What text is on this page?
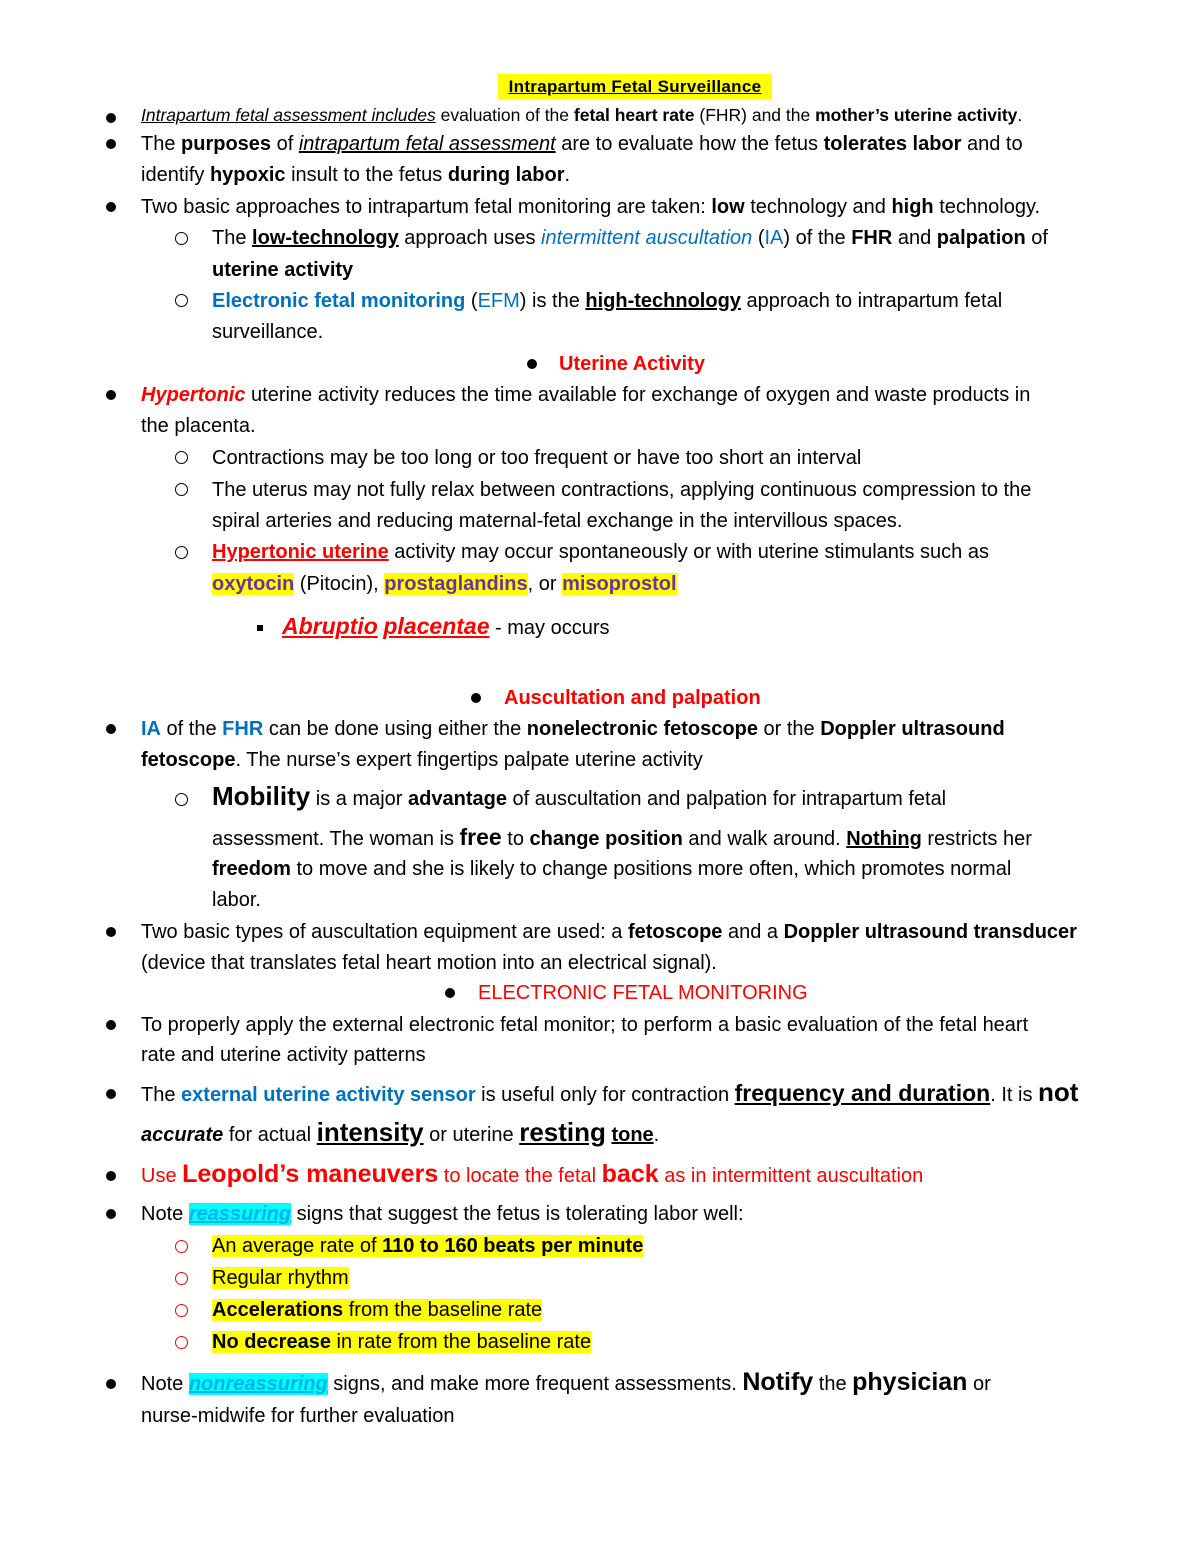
Intrapartum Fetal Surveillance
Intrapartum fetal assessment includes evaluation of the fetal heart rate (FHR) and the mother’s uterine activity.
The purposes of intrapartum fetal assessment are to evaluate how the fetus tolerates labor and to
identify hypoxic insult to the fetus during labor.
Two basic approaches to intrapartum fetal monitoring are taken: low technology and high technology.
The low-technology approach uses intermittent auscultation (IA) of the FHR and palpation of
uterine activity
Electronic fetal monitoring (EFM) is the high-technology approach to intrapartum fetal
surveillance.
Uterine Activity
Hypertonic uterine activity reduces the time available for exchange of oxygen and waste products in
the placenta.
Contractions may be too long or too frequent or have too short an interval
The uterus may not fully relax between contractions, applying continuous compression to the
spiral arteries and reducing maternal-fetal exchange in the intervillous spaces.
Hypertonic uterine activity may occur spontaneously or with uterine stimulants such as
oxytocin (Pitocin), prostaglandins, or misoprostol
Abruptio placentae - may occurs
Auscultation and palpation
IA of the FHR can be done using either the nonelectronic fetoscope or the Doppler ultrasound
fetoscope. The nurse’s expert fingertips palpate uterine activity
Mobility is a major advantage of auscultation and palpation for intrapartum fetal
assessment. The woman is free to change position and walk around. Nothing restricts her
freedom to move and she is likely to change positions more often, which promotes normal
labor.
Two basic types of auscultation equipment are used: a fetoscope and a Doppler ultrasound transducer
(device that translates fetal heart motion into an electrical signal).
ELECTRONIC FETAL MONITORING
To properly apply the external electronic fetal monitor; to perform a basic evaluation of the fetal heart
rate and uterine activity patterns
The external uterine activity sensor is useful only for contraction frequency and duration. It is not
accurate for actual intensity or uterine resting tone.
Use Leopold’s maneuvers to locate the fetal back as in intermittent auscultation
Note reassuring signs that suggest the fetus is tolerating labor well:
An average rate of 110 to 160 beats per minute
Regular rhythm
Accelerations from the baseline rate
No decrease in rate from the baseline rate
Note nonreassuring signs, and make more frequent assessments. Notify the physician or
nurse-midwife for further evaluation
